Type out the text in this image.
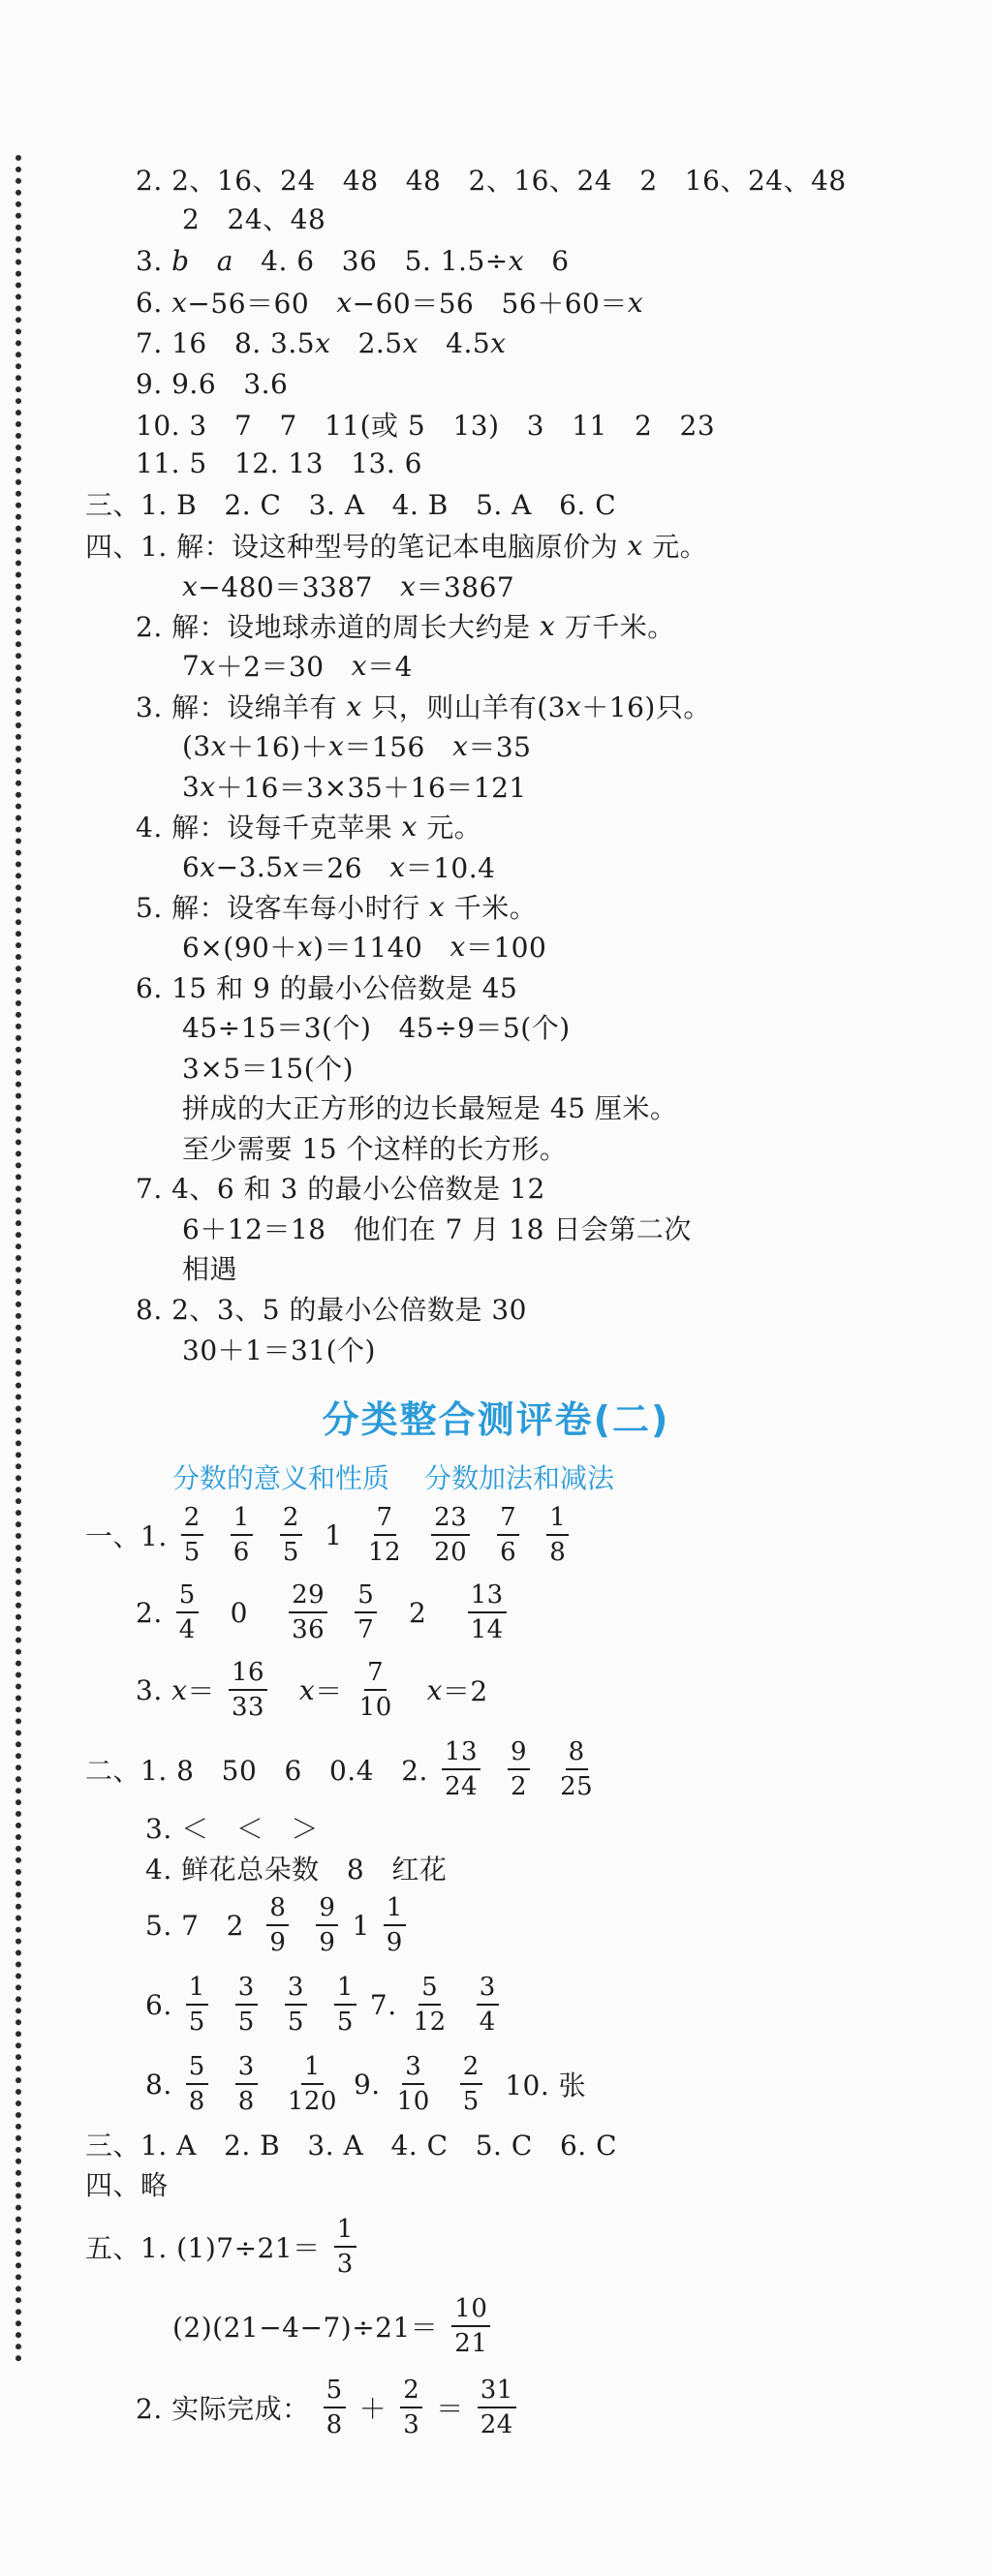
2. 2、16、24   48   48   2、16、24   2   16、24、48
2   24、48
3. b
a 4. 6   36   5. 1.5÷ x 6
6. x −56＝60 x −60＝56   56＋60＝ x
7. 16   8. 3.5 x 2.5 x 4.5 x
9. 9.6   3.6
10. 3   7   7   11(或 5   13)   3   11   2   23
11. 5   12. 13   13. 6
三、1. B   2. C   3. A   4. B   5. A   6. C
四、1. 解：设这种型号的笔记本电脑原价为 x 元。
x −480＝3387 x ＝3867
2. 解：设地球赤道的周长大约是 x 万千米。
7 x ＋2＝30 x ＝4
3. 解：设绵羊有 x 只，则山羊有(3 x ＋16)只。
(3 x ＋16)＋ x ＝156 x ＝35
3 x ＋16＝3×35＋16＝121
4. 解：设每千克苹果 x 元。
6 x −3.5 x ＝26 x ＝10.4
5. 解：设客车每小时行 x 千米。
6×(90＋ x )＝1140 x ＝100
6. 15 和 9 的最小公倍数是 45
45÷15＝3(个)   45÷9＝5(个)
3×5＝15(个)
拼成的大正方形的边长最短是 45 厘米。
至少需要 15 个这样的长方形。
7. 4、6 和 3 的最小公倍数是 12
6＋12＝18   他们在 7 月 18 日会第二次
相遇
8. 2、3、5 的最小公倍数是 30
30＋1＝31(个)
一、1. $\frac{2}{5} \frac{1}{6} \frac{2}{5} 1 \frac{7}{12} \frac{23}{20} \frac{7}{6} \frac{1}{8}$
2. $\frac{5}{4} 0 \frac{29}{36} \frac{5}{7} 2 \frac{13}{14}$
3. $x = \frac{16}{33}$
$x = \frac{7}{10}$
x ＝2
二、1. 8   50   6   0.4   2. $\frac{13}{24} \frac{9}{2} \frac{8}{25}$
3. ＜   ＜   ＞
4. 鲜花总朵数   8   红花
5. 7   $2 \frac{8}{9} \frac{9}{9} 1 \frac{1}{9}$
6. $\frac{1}{5} \frac{3}{5} \frac{3}{5} \frac{1}{5} 7$. $\frac{5}{12} \frac{3}{4}$
8. $\frac{5}{8} \frac{3}{8} \frac{1}{120} 9$. $\frac{3}{10} \frac{2}{5} 10$. 张
三、1. A   2. B   3. A   4. C   5. C   6. C
四、略
五、1. $(1)7\div 21= \frac{1}{3}$
$(2)(21-4-7)\div 21= \frac{10}{21}$
2. 实际完成： $\frac{5}{8} + \frac{2}{3} = \frac{31}{24}$
分类整合测评卷(二)
分数的意义和性质 分数加法和减法
